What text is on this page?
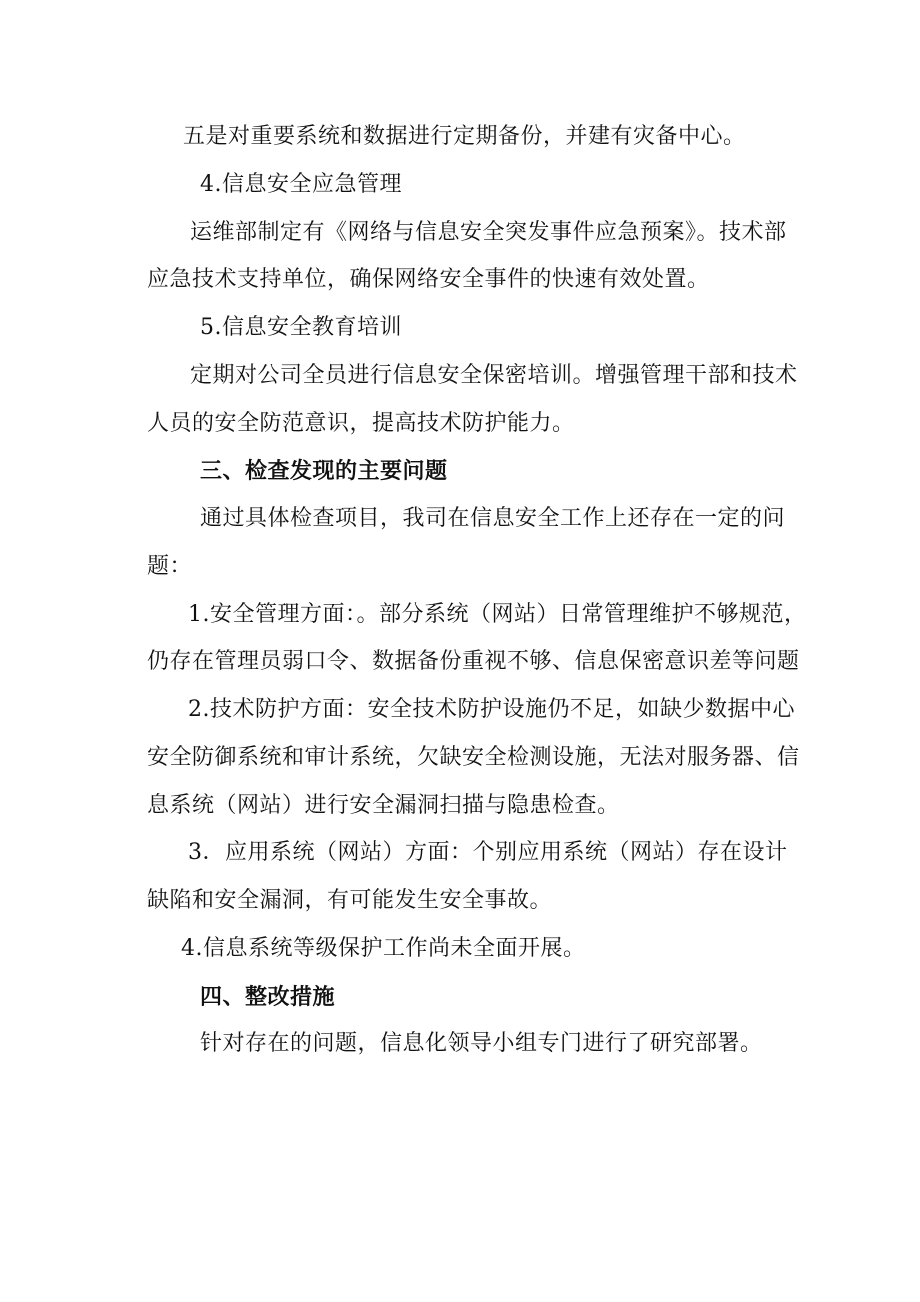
五是对重要系统和数据进行定期备份，并建有灾备中心。
4.信息安全应急管理
运维部制定有《网络与信息安全突发事件应急预案》。技术部
应急技术支持单位，确保网络安全事件的快速有效处置。
5.信息安全教育培训
定期对公司全员进行信息安全保密培训。增强管理干部和技术
人员的安全防范意识，提高技术防护能力。
三、检查发现的主要问题
通过具体检查项目，我司在信息安全工作上还存在一定的问
题：
1.安全管理方面：。部分系统（网站）日常管理维护不够规范，
仍存在管理员弱口令、数据备份重视不够、信息保密意识差等问题
2.技术防护方面：安全技术防护设施仍不足，如缺少数据中心
安全防御系统和审计系统，欠缺安全检测设施，无法对服务器、信
息系统（网站）进行安全漏洞扫描与隐患检查。
3．应用系统（网站）方面：个别应用系统（网站）存在设计
缺陷和安全漏洞，有可能发生安全事故。
4.信息系统等级保护工作尚未全面开展。
四、整改措施
针对存在的问题，信息化领导小组专门进行了研究部署。
